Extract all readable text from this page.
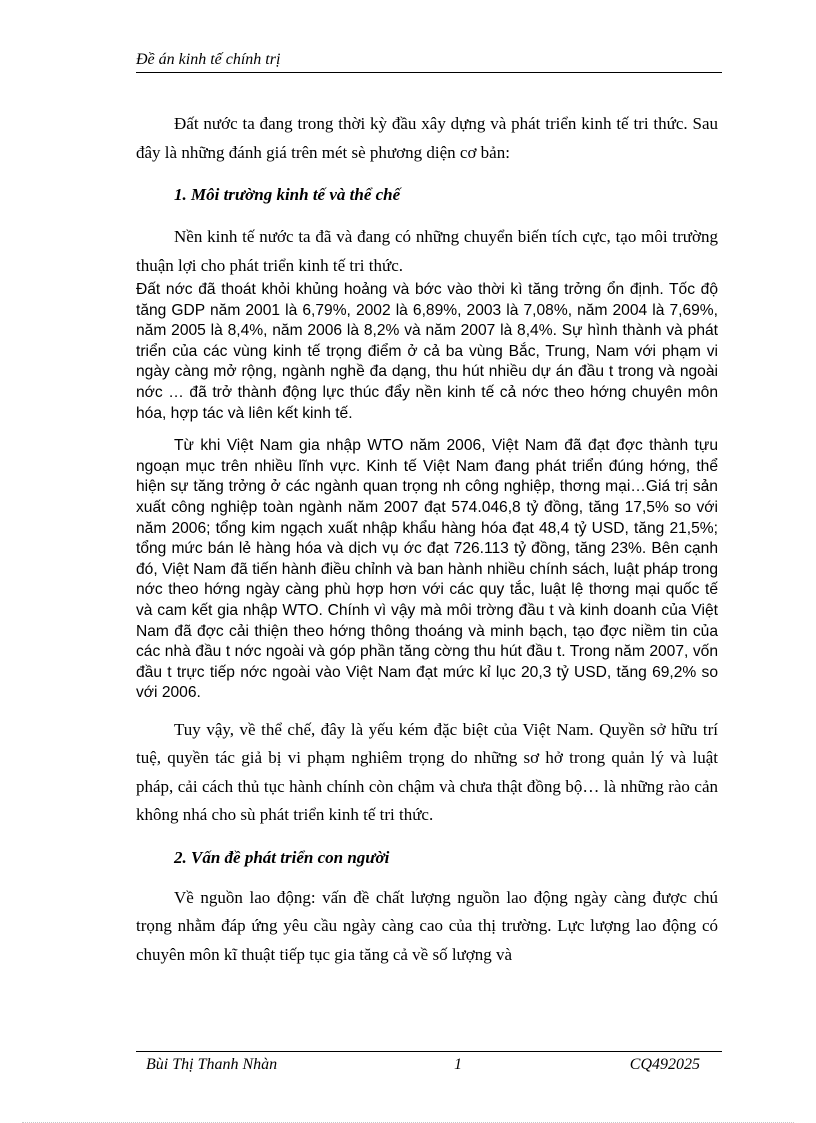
Đề án kinh tế chính trị

Đất nước ta đang trong thời kỳ đầu xây dựng và phát triển kinh tế tri thức. Sau đây là những đánh giá trên mét sè phương diện cơ bản:

1. Môi trường kinh tế và thể chế

Nền kinh tế nước ta đã và đang có những chuyển biến tích cực, tạo môi trường thuận lợi cho phát triển kinh tế tri thức.

Đất nớc đã thoát khỏi khủng hoảng và bớc vào thời kì tăng trởng ổn định. Tốc độ tăng GDP năm 2001 là 6,79%, 2002 là 6,89%, 2003 là 7,08%, năm 2004 là 7,69%, năm 2005 là 8,4%, năm 2006 là 8,2% và năm 2007 là 8,4%. Sự hình thành và phát triển của các vùng kinh tế trọng điểm ở cả ba vùng Bắc, Trung, Nam với phạm vi ngày càng mở rộng, ngành nghề đa dạng, thu hút nhiều dự án đầu t trong và ngoài nớc … đã trở thành động lực thúc đẩy nền kinh tế cả nớc theo hớng chuyên môn hóa, hợp tác và liên kết kinh tế.

Từ khi Việt Nam gia nhập WTO năm 2006, Việt Nam đã đạt đợc thành tựu ngoạn mục trên nhiều lĩnh vực. Kinh tế Việt Nam đang phát triển đúng hớng, thể hiện sự tăng trởng ở các ngành quan trọng nh công nghiệp, thơng mại…Giá trị sản xuất công nghiệp toàn ngành năm 2007 đạt 574.046,8 tỷ đồng, tăng 17,5% so với năm 2006; tổng kim ngạch xuất nhập khẩu hàng hóa đạt 48,4 tỷ USD, tăng 21,5%; tổng mức bán lẻ hàng hóa và dịch vụ ớc đạt 726.113 tỷ đồng, tăng 23%. Bên cạnh đó, Việt Nam đã tiến hành điều chỉnh và ban hành nhiều chính sách, luật pháp trong nớc theo hớng ngày càng phù hợp hơn với các quy tắc, luật lệ thơng mại quốc tế và cam kết gia nhập WTO. Chính vì vậy mà môi trờng đầu t và kinh doanh của Việt Nam đã đợc cải thiện theo hớng thông thoáng và minh bạch, tạo đợc niềm tin của các nhà đầu t nớc ngoài và góp phần tăng cờng thu hút đầu t. Trong năm 2007, vốn đầu t trực tiếp nớc ngoài vào Việt Nam đạt mức kỉ lục 20,3 tỷ USD, tăng 69,2% so với 2006.

Tuy vậy, về thể chế, đây là yếu kém đặc biệt của Việt Nam. Quyền sở hữu trí tuệ, quyền tác giả bị vi phạm nghiêm trọng do những sơ hở trong quản lý và luật pháp, cải cách thủ tục hành chính còn chậm và chưa thật đồng bộ… là những rào cản không nhá cho sù phát triển kinh tế tri thức.

2. Vấn đề phát triển con người

Về nguồn lao động: vấn đề chất lượng nguồn lao động ngày càng được chú trọng nhằm đáp ứng yêu cầu ngày càng cao của thị trường. Lực lượng lao động có chuyên môn kĩ thuật tiếp tục gia tăng cả về số lượng và

Bùi Thị Thanh Nhàn	1	CQ492025
